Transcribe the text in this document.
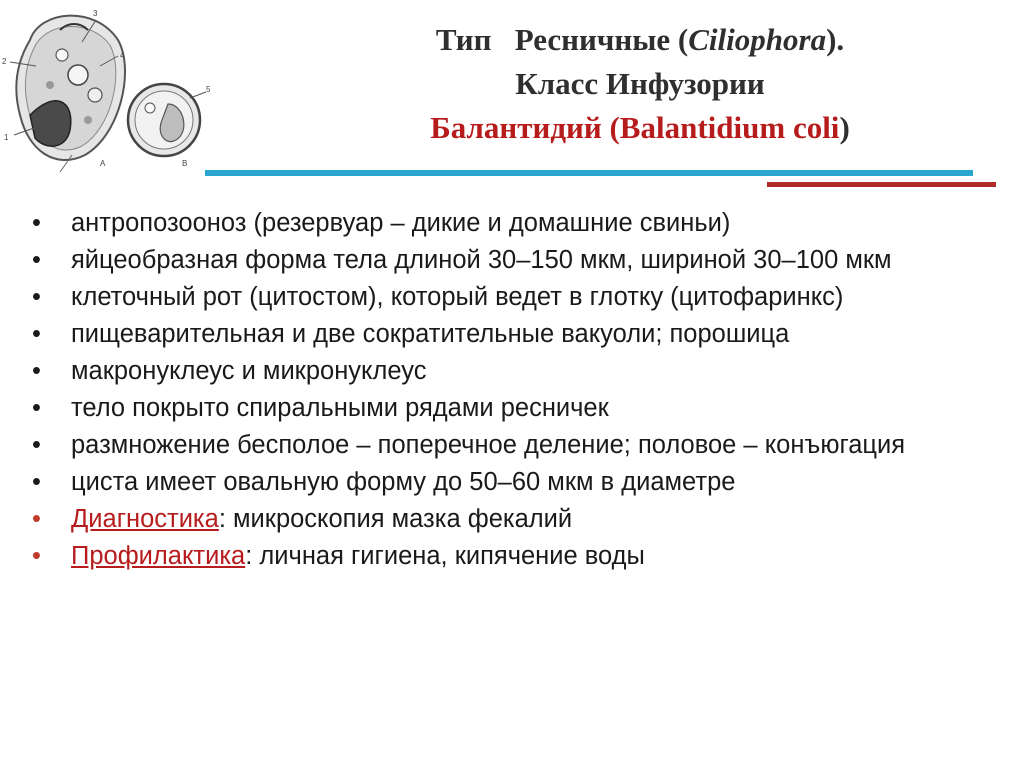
3
4
2
1
5
A	B
Тип   Ресничные (Ciliophora).
Класс Инфузории
Балантидий (Balantidium coli)
• антропозооноз (резервуар – дикие и домашние свиньи)
• яйцеобразная форма тела длиной 30–150 мкм, шириной 30–100 мкм
• клеточный рот (цитостом), который ведет в глотку (цитофаринкс)
• пищеварительная и две сократительные вакуоли; порошица
• макронуклеус и микронуклеус
• тело покрыто спиральными рядами ресничек
• размножение бесполое – поперечное деление; половое – конъюгация
• циста имеет овальную форму до 50–60 мкм в диаметре
• Диагностика: микроскопия мазка фекалий
• Профилактика: личная гигиена, кипячение воды
